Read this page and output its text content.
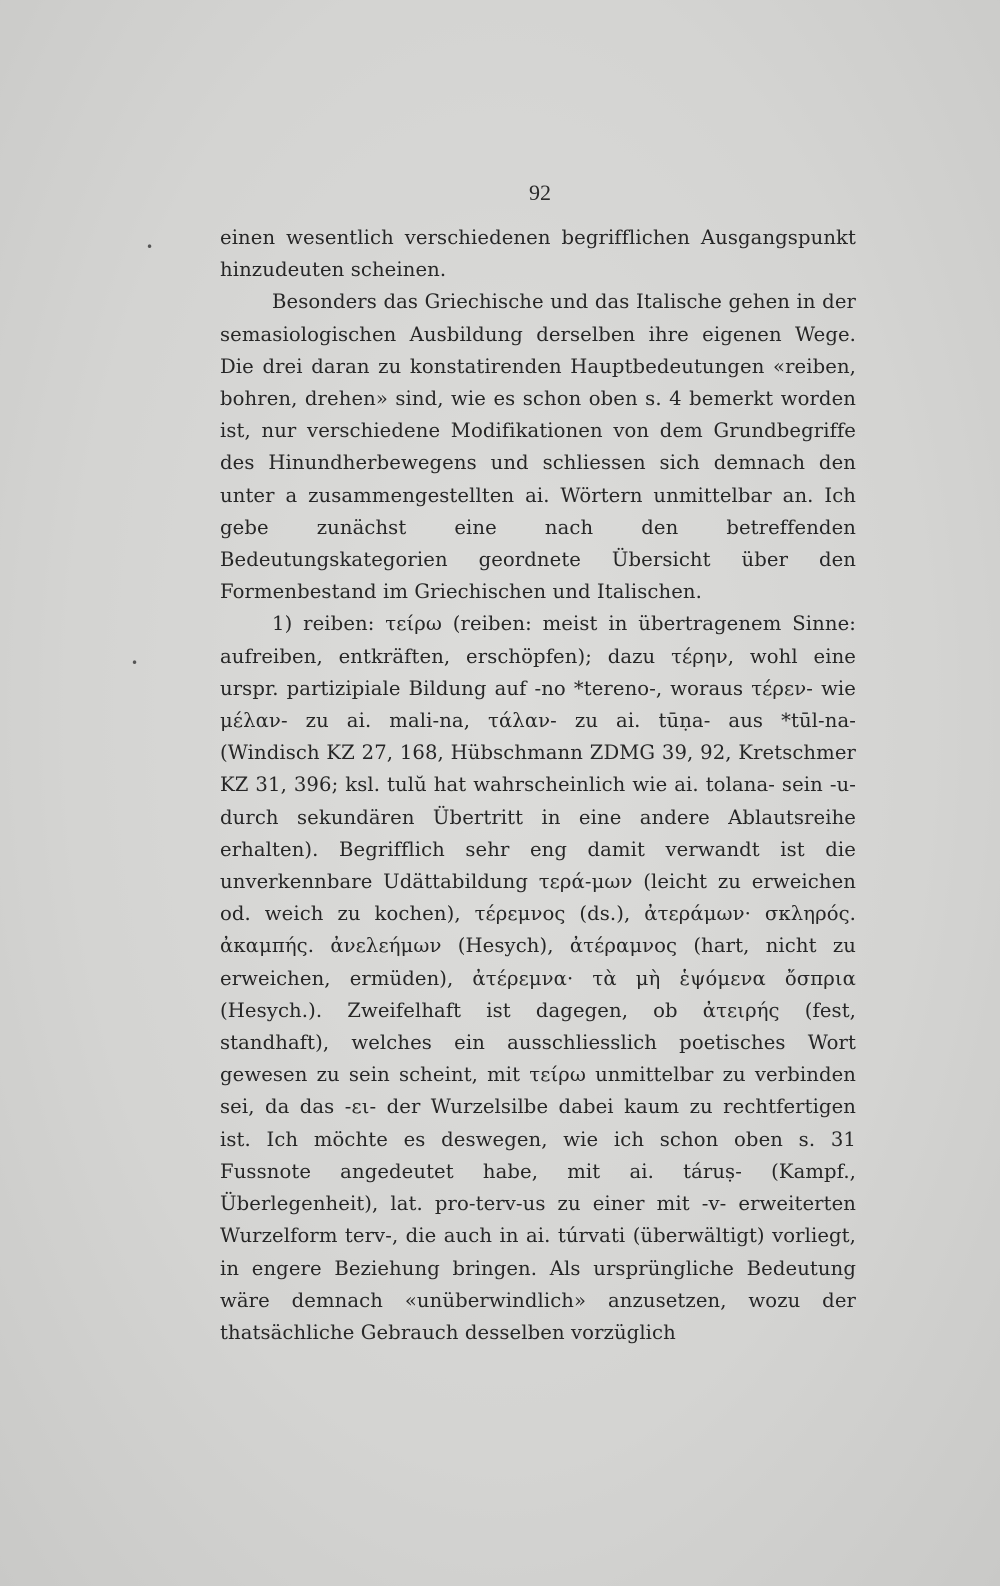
92
•
•

einen wesentlich verschiedenen begrifflichen Ausgangspunkt hinzudeuten scheinen.

Besonders das Griechische und das Italische gehen in der semasiologischen Ausbildung derselben ihre eigenen Wege. Die drei daran zu konstatirenden Hauptbedeutungen «reiben, bohren, drehen» sind, wie es schon oben s. 4 bemerkt worden ist, nur verschiedene Modifikationen von dem Grundbegriffe des Hinundherbewegens und schliessen sich demnach den unter a zusammengestellten ai. Wörtern unmittelbar an. Ich gebe zunächst eine nach den betreffenden Bedeutungskategorien geordnete Übersicht über den Formenbestand im Griechischen und Italischen.

1) reiben: τείρω (reiben: meist in übertragenem Sinne: aufreiben, entkräften, erschöpfen); dazu τέρην, wohl eine urspr. partizipiale Bildung auf -no *tereno-, woraus τέρεν- wie μέλαν- zu ai. mali-na, τάλαν- zu ai. tūṇa- aus *tūl-na- (Windisch KZ 27, 168, Hübschmann ZDMG 39, 92, Kretschmer KZ 31, 396; ksl. tulŭ hat wahrscheinlich wie ai. tolana- sein -u- durch sekundären Übertritt in eine andere Ablautsreihe erhalten). Begrifflich sehr eng damit verwandt ist die unverkennbare Udättabildung τερά-μων (leicht zu erweichen od. weich zu kochen), τέρεμνος (ds.), ἀτεράμων· σκληρός. ἀκαμπής. ἀνελεήμων (Hesych), ἀτέραμνος (hart, nicht zu erweichen, ermüden), ἀτέρεμνα· τὰ μὴ ἑψόμενα ὄσπρια (Hesych.). Zweifelhaft ist dagegen, ob ἀτειρής (fest, standhaft), welches ein ausschliesslich poetisches Wort gewesen zu sein scheint, mit τείρω unmittelbar zu verbinden sei, da das -ει- der Wurzelsilbe dabei kaum zu rechtfertigen ist. Ich möchte es deswegen, wie ich schon oben s. 31 Fussnote angedeutet habe, mit ai. táruṣ- (Kampf., Überlegenheit), lat. pro-terv-us zu einer mit -v- erweiterten Wurzelform terv-, die auch in ai. túrvati (überwältigt) vorliegt, in engere Beziehung bringen. Als ursprüngliche Bedeutung wäre demnach «unüberwindlich» anzusetzen, wozu der thatsächliche Gebrauch desselben vorzüglich
